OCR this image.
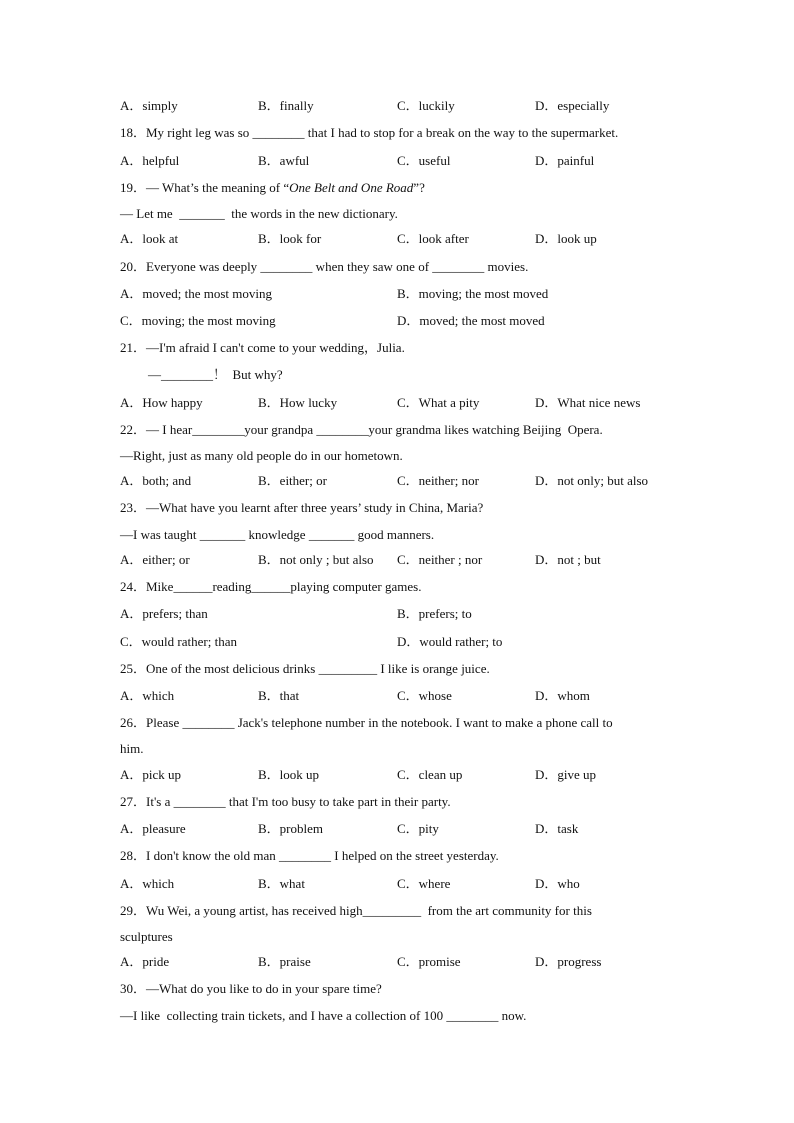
A．simply	B．finally	C．luckily	D．especially
18．My right leg was so ________ that I had to stop for a break on the way to the supermarket.
A．helpful	B．awful	C．useful	D．painful
19．— What’s the meaning of “One Belt and One Road”?
— Let me  _______  the words in the new dictionary.
A．look at	B．look for	C．look after	D．look up
20．Everyone was deeply ________ when they saw one of ________ movies.
A．moved; the most moving	B．moving; the most moved
C．moving; the most moving	D．moved; the most moved
21．—I'm afraid I can't come to your wedding，Julia.
—________！  But why?
A．How happy	B．How lucky	C．What a pity	D．What nice news
22．— I hear________your grandpa ________your grandma likes watching Beijing  Opera.
—Right, just as many old people do in our hometown.
A．both; and	B．either; or	C．neither; nor	D．not only; but also
23．—What have you learnt after three years’ study in China, Maria?
—I was taught _______ knowledge _______ good manners.
A．either; or	B．not only ; but also C．neither ; nor	D．not ; but
24．Mike______reading______playing computer games.
A．prefers; than	B．prefers; to
C．would rather; than	D．would rather; to
25．One of the most delicious drinks _________ I like is orange juice.
A．which	B．that	C．whose	D．whom
26．Please ________ Jack's telephone number in the notebook. I want to make a phone call to
him.
A．pick up	B．look up	C．clean up	D．give up
27．It's a ________ that I'm too busy to take part in their party.
A．pleasure	B．problem	C．pity	D．task
28．I don't know the old man ________ I helped on the street yesterday.
A．which	B．what	C．where	D．who
29．Wu Wei, a young artist, has received high_________  from the art community for this
sculptures
A．pride	B．praise	C．promise	D．progress
30．—What do you like to do in your spare time?
—I like  collecting train tickets, and I have a collection of 100 ________ now.
